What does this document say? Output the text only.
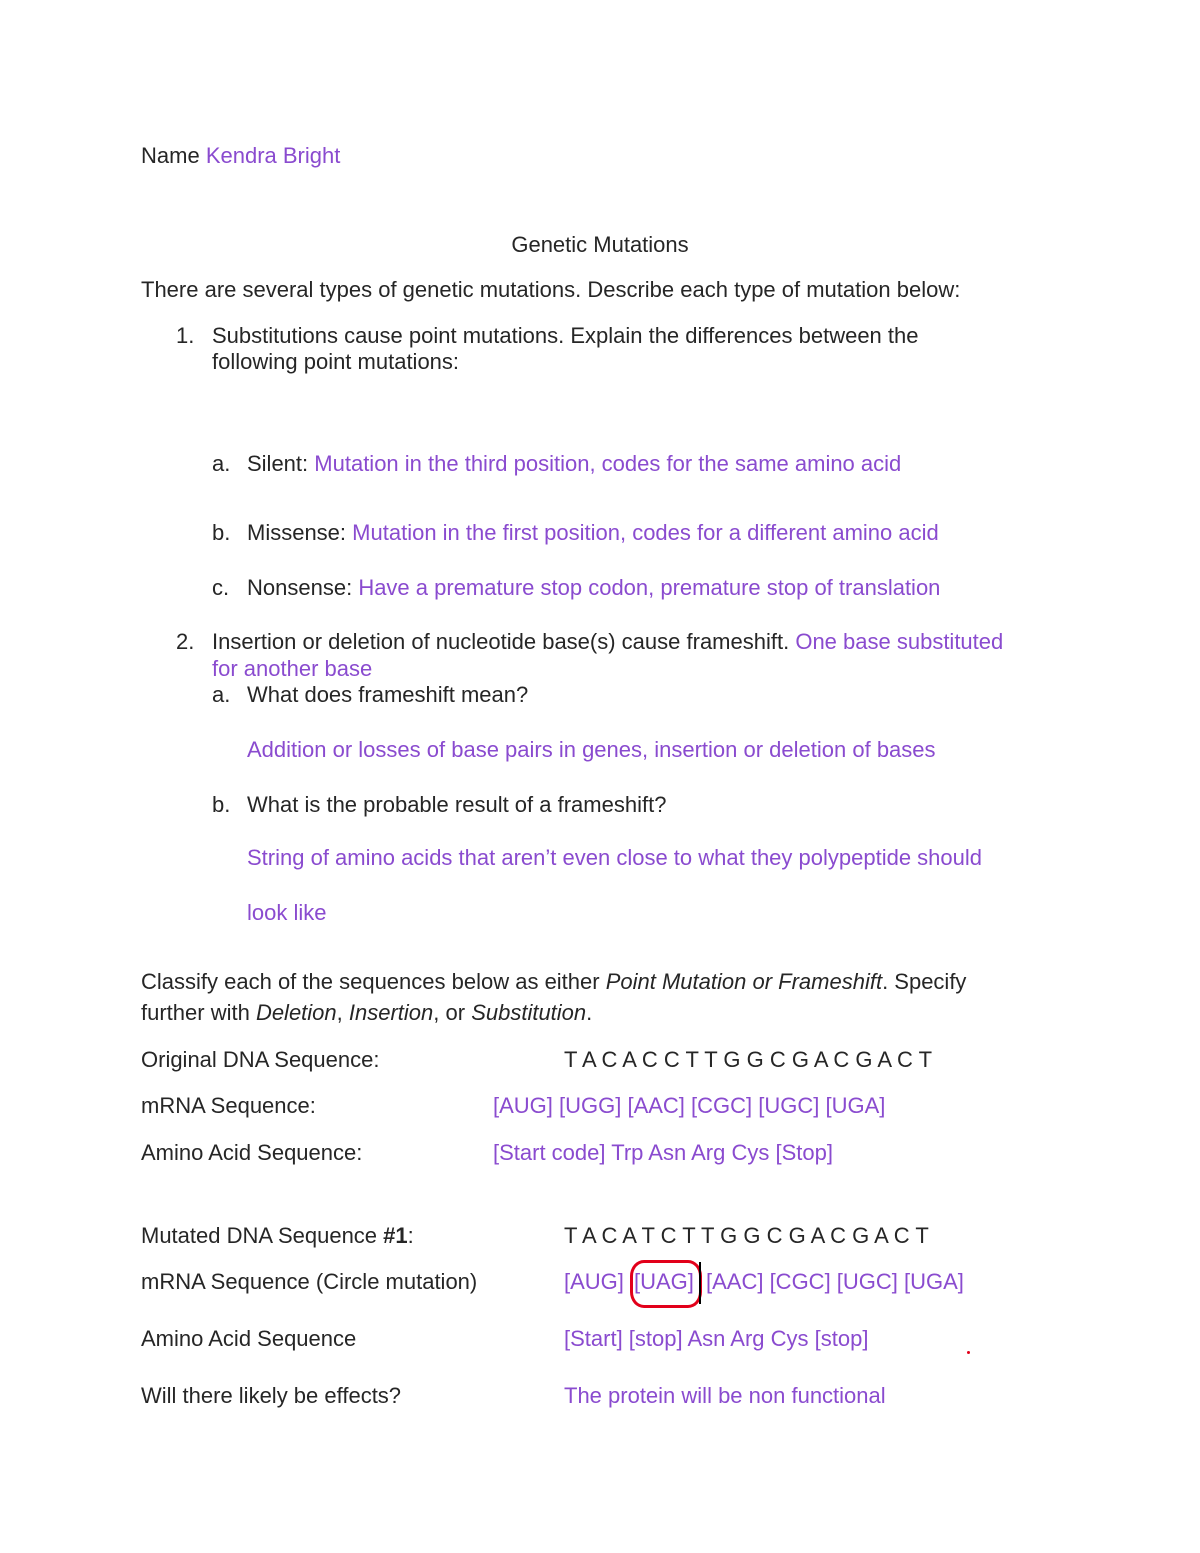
Name Kendra Bright
Genetic Mutations
There are several types of genetic mutations. Describe each type of mutation below:
1. Substitutions cause point mutations. Explain the differences between the
following point mutations:
a. Silent: Mutation in the third position, codes for the same amino acid
b. Missense: Mutation in the first position, codes for a different amino acid
c. Nonsense: Have a premature stop codon, premature stop of translation
2. Insertion or deletion of nucleotide base(s) cause frameshift. One base substituted
for another base
a. What does frameshift mean?
Addition or losses of base pairs in genes, insertion or deletion of bases
b. What is the probable result of a frameshift?
String of amino acids that aren’t even close to what they polypeptide should
look like
Classify each of the sequences below as either Point Mutation or Frameshift. Specify
further with Deletion, Insertion, or Substitution.
Original DNA Sequence:	T A C A C C T T G G C G A C G A C T
mRNA Sequence:	[AUG] [UGG] [AAC] [CGC] [UGC] [UGA]
Amino Acid Sequence:	[Start code] Trp Asn Arg Cys [Stop]
Mutated DNA Sequence #1:	T A C A T C T T G G C G A C G A C T
mRNA Sequence (Circle mutation)	[AUG] [UAG] [AAC] [CGC] [UGC] [UGA]
Amino Acid Sequence	[Start] [stop] Asn Arg Cys [stop]
Will there likely be effects?	The protein will be non functional
